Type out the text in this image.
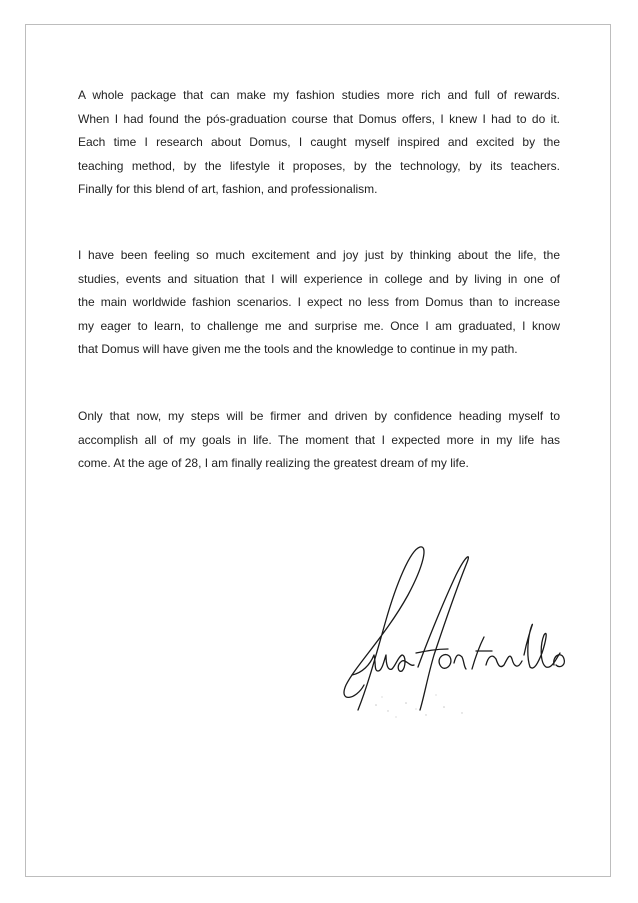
A whole package that can make my fashion studies more rich and full of rewards.
When I had found the pós-graduation course that Domus offers, I knew I had to do it.
Each time I research about Domus, I caught myself inspired and excited by the
teaching method, by the lifestyle it proposes, by the technology, by its teachers.
Finally for this blend of art, fashion, and professionalism.
I have been feeling so much excitement and joy just by thinking about the life, the
studies, events and situation that I will experience in college and by living in one of
the main worldwide fashion scenarios. I expect no less from Domus than to increase
my eager to learn, to challenge me and surprise me. Once I am graduated, I know
that Domus will have given me the tools and the knowledge to continue in my path.
Only that now, my steps will be firmer and driven by confidence heading myself to
accomplish all of my goals in life. The moment that I expected more in my life has
come. At the age of 28, I am finally realizing the greatest dream of my life.
